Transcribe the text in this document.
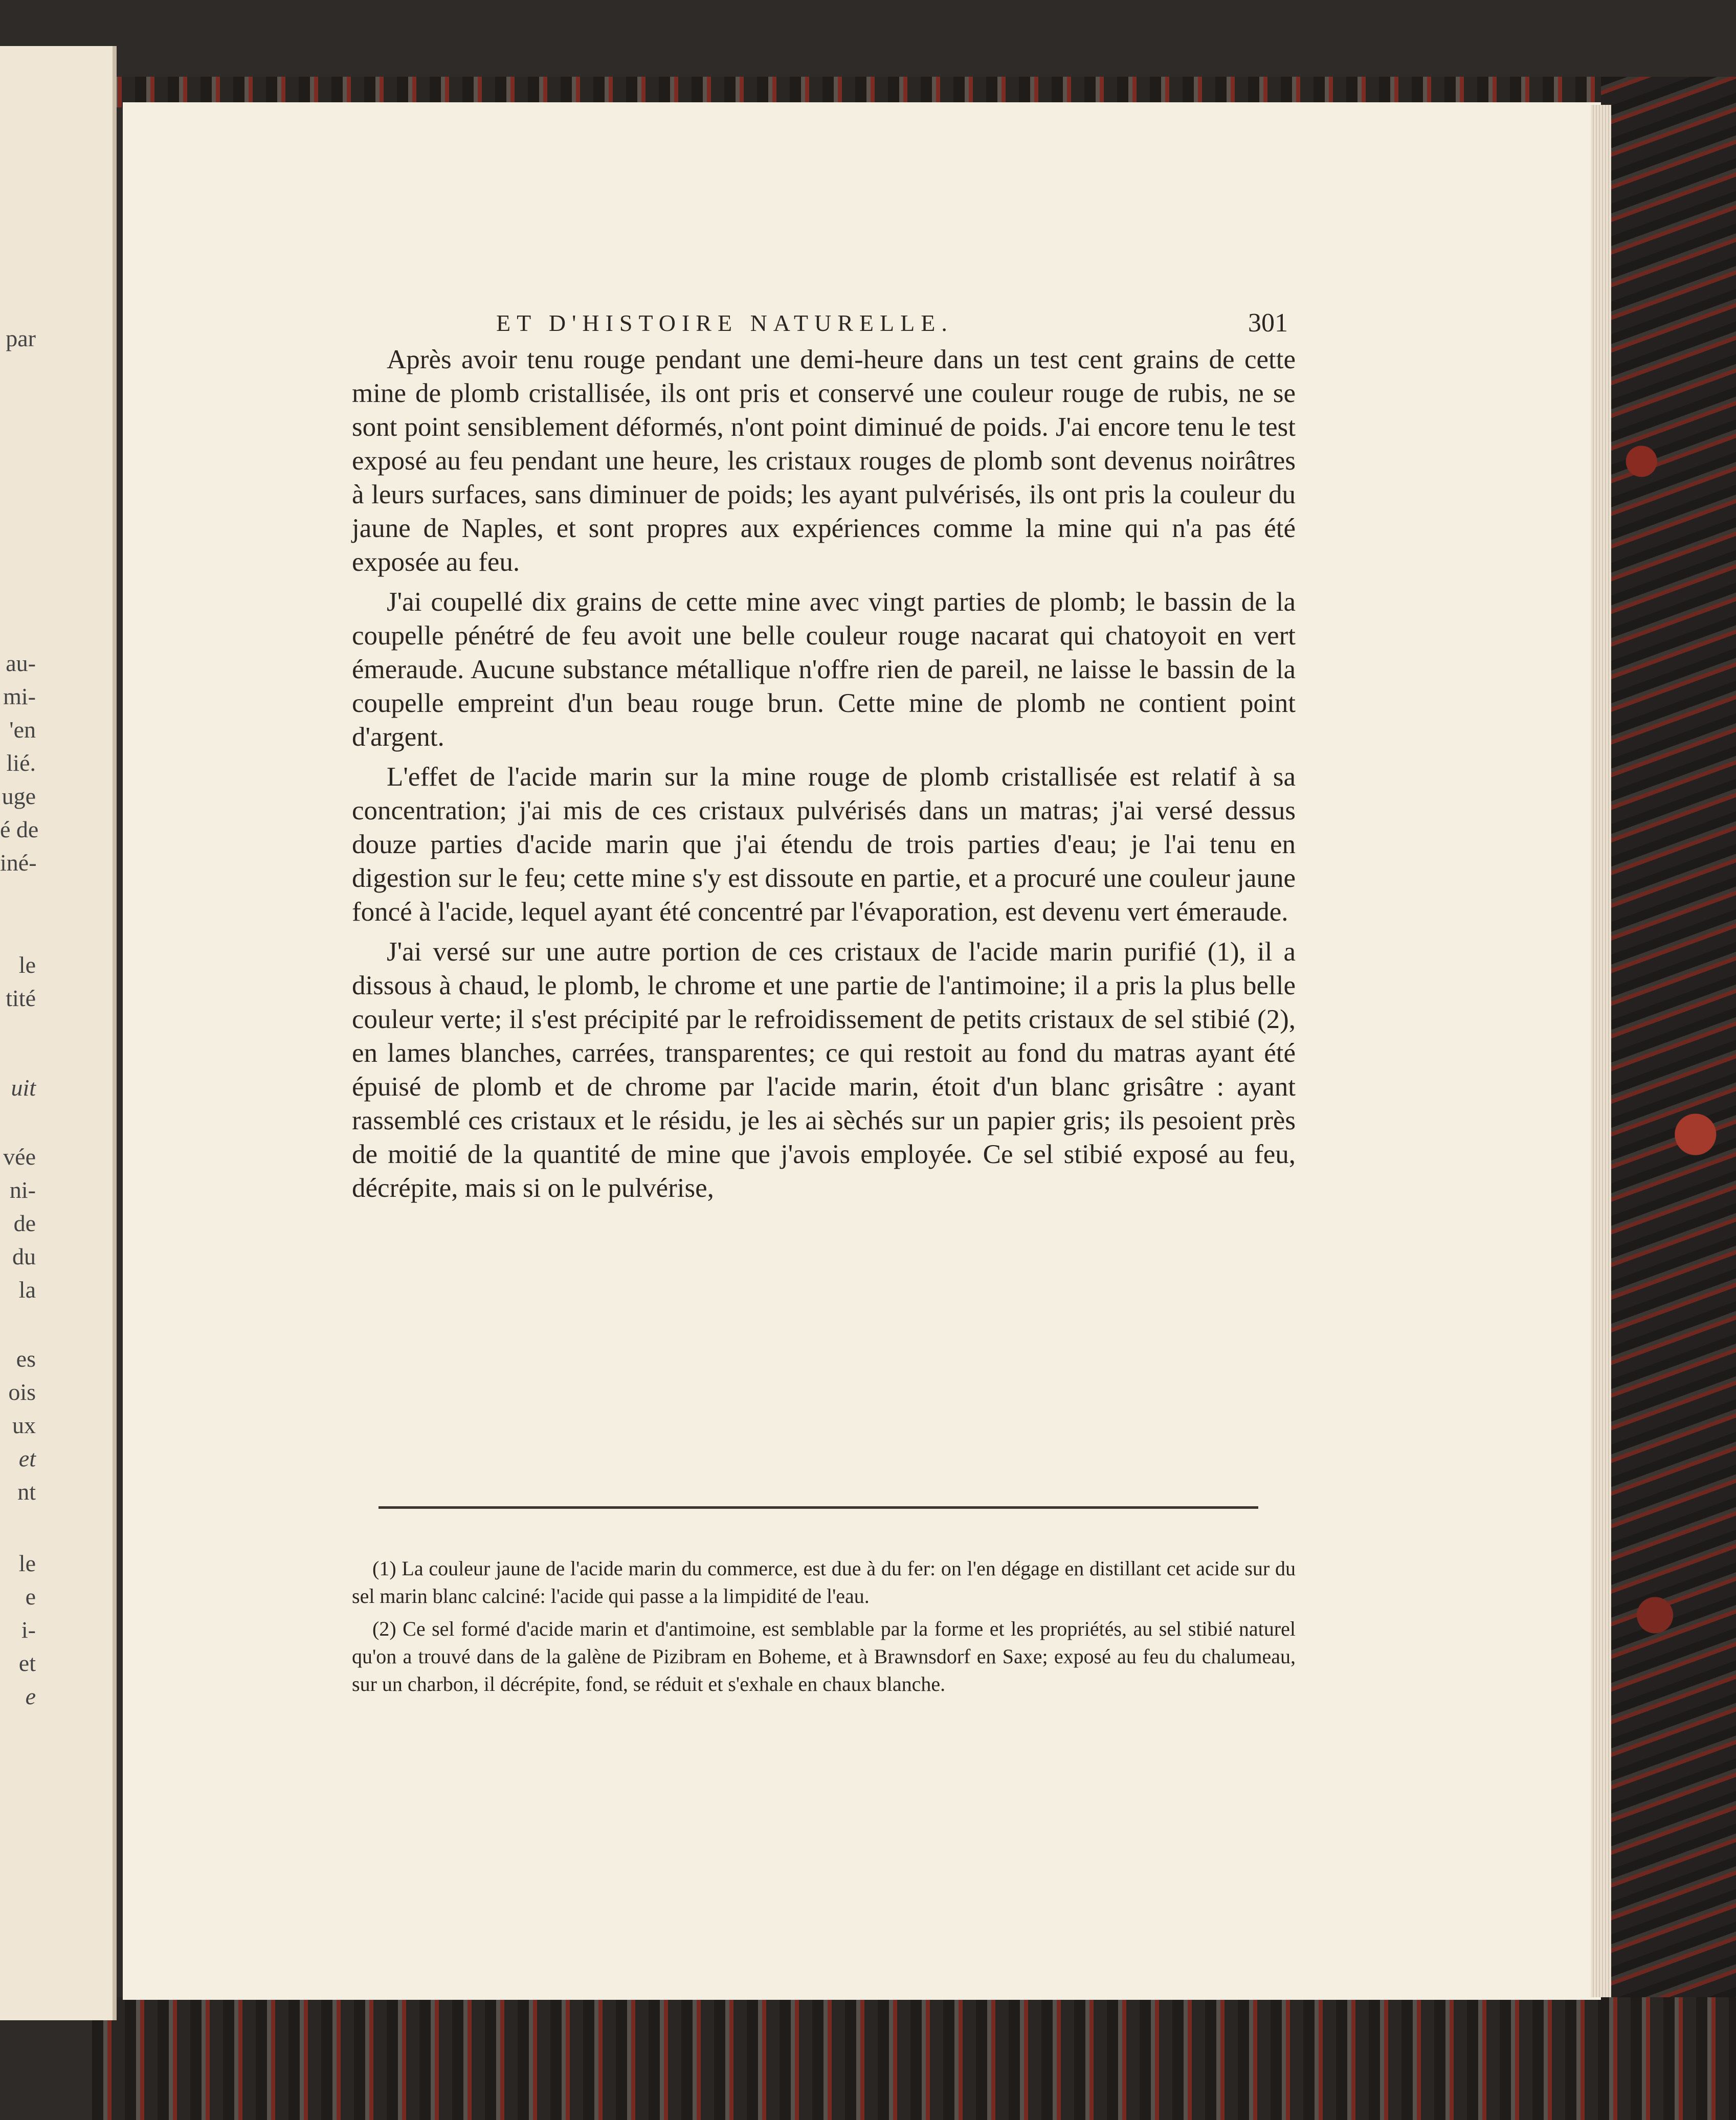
par
au-
mi-
'en
lié.
uge
é de
iné-
le
tité
uit
vée
ni-
de
du
la
es
ois
ux
et
nt
le
e
i-
et
e
ET D'HISTOIRE NATURELLE.	301

Après avoir tenu rouge pendant une demi-heure dans un test cent grains de cette mine de plomb cristallisée, ils ont pris et conservé une couleur rouge de rubis, ne se sont point sensiblement déformés, n'ont point diminué de poids. J'ai encore tenu le test exposé au feu pendant une heure, les cristaux rouges de plomb sont devenus noirâtres à leurs surfaces, sans diminuer de poids; les ayant pulvérisés, ils ont pris la couleur du jaune de Naples, et sont propres aux expériences comme la mine qui n'a pas été exposée au feu.

J'ai coupellé dix grains de cette mine avec vingt parties de plomb; le bassin de la coupelle pénétré de feu avoit une belle couleur rouge nacarat qui chatoyoit en vert émeraude. Aucune substance métallique n'offre rien de pareil, ne laisse le bassin de la coupelle empreint d'un beau rouge brun. Cette mine de plomb ne contient point d'argent.

L'effet de l'acide marin sur la mine rouge de plomb cristallisée est relatif à sa concentration; j'ai mis de ces cristaux pulvérisés dans un matras; j'ai versé dessus douze parties d'acide marin que j'ai étendu de trois parties d'eau; je l'ai tenu en digestion sur le feu; cette mine s'y est dissoute en partie, et a procuré une couleur jaune foncé à l'acide, lequel ayant été concentré par l'évaporation, est devenu vert émeraude.

J'ai versé sur une autre portion de ces cristaux de l'acide marin purifié (1), il a dissous à chaud, le plomb, le chrome et une partie de l'antimoine; il a pris la plus belle couleur verte; il s'est précipité par le refroidissement de petits cristaux de sel stibié (2), en lames blanches, carrées, transparentes; ce qui restoit au fond du matras ayant été épuisé de plomb et de chrome par l'acide marin, étoit d'un blanc grisâtre : ayant rassemblé ces cristaux et le résidu, je les ai sèchés sur un papier gris; ils pesoient près de moitié de la quantité de mine que j'avois employée. Ce sel stibié exposé au feu, décrépite, mais si on le pulvérise,

(1) La couleur jaune de l'acide marin du commerce, est due à du fer: on l'en dégage en distillant cet acide sur du sel marin blanc calciné: l'acide qui passe a la limpidité de l'eau.

(2) Ce sel formé d'acide marin et d'antimoine, est semblable par la forme et les propriétés, au sel stibié naturel qu'on a trouvé dans de la galène de Pizibram en Boheme, et à Brawnsdorf en Saxe; exposé au feu du chalumeau, sur un charbon, il décrépite, fond, se réduit et s'exhale en chaux blanche.
